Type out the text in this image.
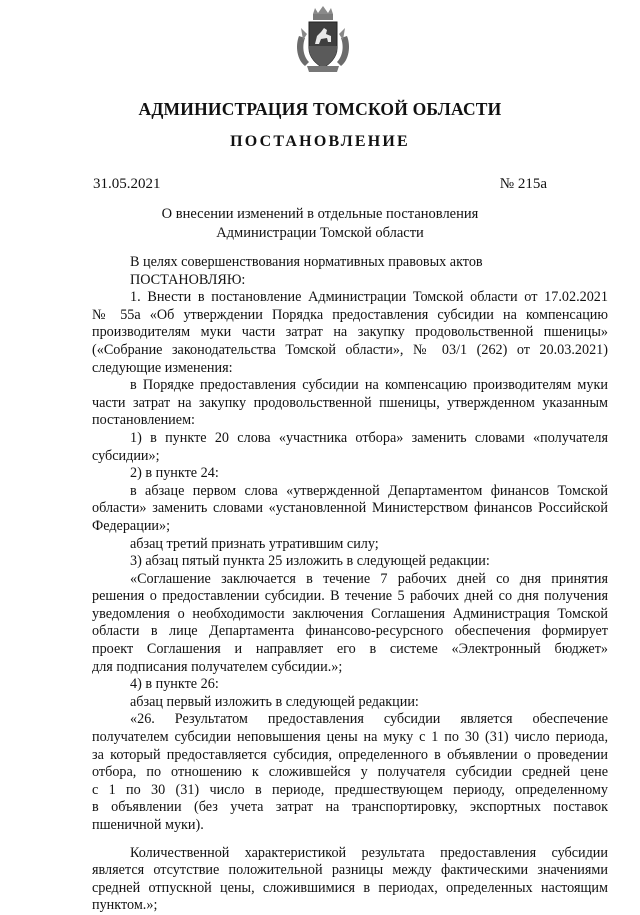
АДМИНИСТРАЦИЯ ТОМСКОЙ ОБЛАСТИ
ПОСТАНОВЛЕНИЕ
31.05.2021	№ 215а
О внесении изменений в отдельные постановления
Администрации Томской области

В целях совершенствования нормативных правовых актов

ПОСТАНОВЛЯЮ:

1. Внести в постановление Администрации Томской области от 17.02.2021

№ 55а «Об утверждении Порядка предоставления субсидии на компенсацию

производителям муки части затрат на закупку продовольственной пшеницы»

(«Собрание законодательства Томской области», № 03/1 (262) от 20.03.2021)

следующие изменения:

в Порядке предоставления субсидии на компенсацию производителям муки

части затрат на закупку продовольственной пшеницы, утвержденном указанным

постановлением:

1) в пункте 20 слова «участника отбора» заменить словами «получателя

субсидии»;

2) в пункте 24:

в абзаце первом слова «утвержденной Департаментом финансов Томской

области» заменить словами «установленной Министерством финансов Российской

Федерации»;

абзац третий признать утратившим силу;

3) абзац пятый пункта 25 изложить в следующей редакции:

«Соглашение заключается в течение 7 рабочих дней со дня принятия

решения о предоставлении субсидии. В течение 5 рабочих дней со дня получения

уведомления о необходимости заключения Соглашения Администрация Томской

области в лице Департамента финансово-ресурсного обеспечения формирует

проект Соглашения и направляет его в системе «Электронный бюджет»

для подписания получателем субсидии.»;

4) в пункте 26:

абзац первый изложить в следующей редакции:

«26. Результатом предоставления субсидии является обеспечение

получателем субсидии неповышения цены на муку с 1 по 30 (31) число периода,

за который предоставляется субсидия, определенного в объявлении о проведении

отбора, по отношению к сложившейся у получателя субсидии средней цене

с 1 по 30 (31) число в периоде, предшествующем периоду, определенному

в объявлении (без учета затрат на транспортировку, экспортных поставок

пшеничной муки).

Количественной характеристикой результата предоставления субсидии

является отсутствие положительной разницы между фактическими значениями

средней отпускной цены, сложившимися в периодах, определенных настоящим

пунктом.»;
